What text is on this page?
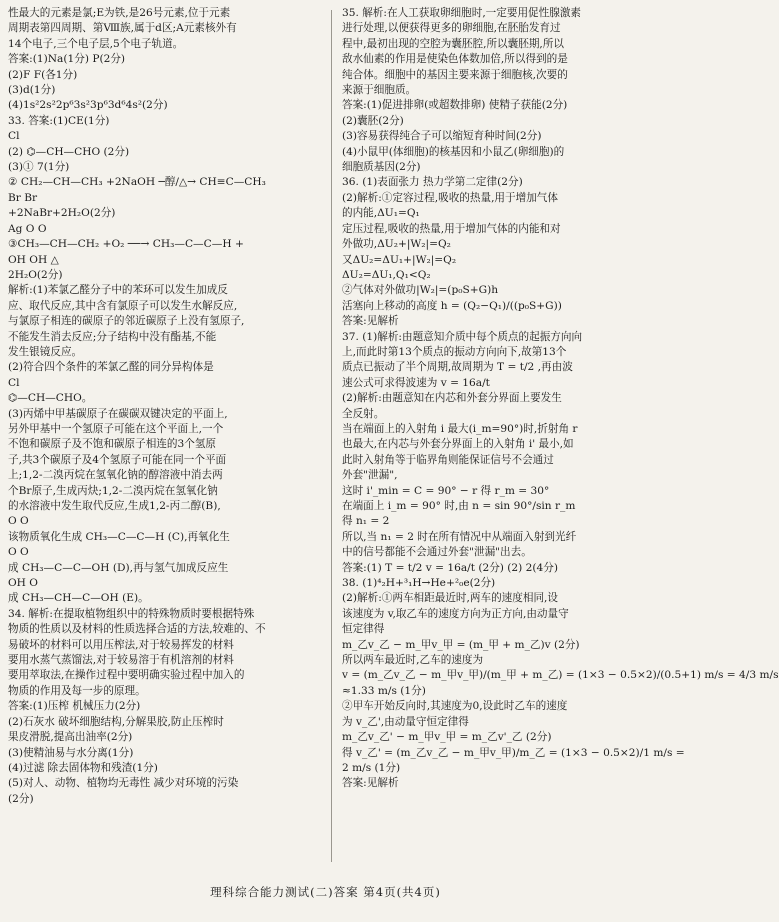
性最大的元素是氯;E为铁,是26号元素,位于元素
周期表第四周期、第Ⅷ族,属于d区;A元素核外有
14个电子,三个电子层,5个电子轨道。
答案:(1)Na(1分) P(2分)
(2)F F(各1分)
(3)d(1分)
(4)1s²2s²2p⁶3s²3p⁶3d⁶4s²(2分)
33. 答案:(1)CE(1分)
Cl
(2) ⌬—CH—CHO (2分)
(3)① 7(1分)
② CH₂—CH—CH₃ +2NaOH ─醇/△→ CH≡C—CH₃
Br Br
+2NaBr+2H₂O(2分)
Ag O O
③CH₃—CH—CH₂ +O₂ ──→ CH₃—C—C—H +
OH OH △
2H₂O(2分)
解析:(1)苯氯乙醛分子中的苯环可以发生加成反
应、取代反应,其中含有氯原子可以发生水解反应,
与氯原子相连的碳原子的邻近碳原子上没有氢原子,
不能发生消去反应;分子结构中没有酯基,不能
发生银镜反应。
(2)符合四个条件的苯氯乙醛的同分异构体是
Cl
⌬—CH—CHO。
(3)丙烯中甲基碳原子在碳碳双键决定的平面上,
另外甲基中一个氢原子可能在这个平面上,一个
不饱和碳原子及不饱和碳原子相连的3个氢原
子,共3个碳原子及4个氢原子可能在同一个平面
上;1,2-二溴丙烷在氢氧化钠的醇溶液中消去两
个Br原子,生成丙炔;1,2-二溴丙烷在氢氧化钠
的水溶液中发生取代反应,生成1,2-丙二醇(B),
O O
该物质氧化生成 CH₃—C—C—H (C),再氧化生
O O
成 CH₃—C—C—OH (D),再与氢气加成反应生
OH O
成 CH₃—CH—C—OH (E)。
34. 解析:在提取植物组织中的特殊物质时要根据特殊
物质的性质以及材料的性质选择合适的方法,较难的、不
易破坏的材料可以用压榨法,对于较易挥发的材料
要用水蒸气蒸馏法,对于较易溶于有机溶剂的材料
要用萃取法,在操作过程中要明确实验过程中加入的
物质的作用及每一步的原理。
答案:(1)压榨 机械压力(2分)
(2)石灰水 破坏细胞结构,分解果胶,防止压榨时
果皮滑脱,提高出油率(2分)
(3)使精油易与水分离(1分)
(4)过滤 除去固体物和残渣(1分)
(5)对人、动物、植物均无毒性 减少对环境的污染
(2分)
35. 解析:在人工获取卵细胞时,一定要用促性腺激素
进行处理,以便获得更多的卵细胞,在胚胎发育过
程中,最初出现的空腔为囊胚腔,所以囊胚期,所以
敌水仙素的作用是使染色体数加倍,所以得到的是
纯合体。细胞中的基因主要来源于细胞核,次要的
来源于细胞质。
答案:(1)促进排卵(或超数排卵) 使精子获能(2分)
(2)囊胚(2分)
(3)容易获得纯合子可以缩短育种时间(2分)
(4)小鼠甲(体细胞)的核基因和小鼠乙(卵细胞)的
细胞质基因(2分)
36. (1)表面张力 热力学第二定律(2分)
(2)解析:①定容过程,吸收的热量,用于增加气体
的内能,ΔU₁=Q₁
定压过程,吸收的热量,用于增加气体的内能和对
外做功,ΔU₂+|W₂|=Q₂
又ΔU₂=ΔU₁+|W₂|=Q₂
ΔU₂=ΔU₁,Q₁<Q₂
②气体对外做功|W₂|=(p₀S+G)h
活塞向上移动的高度 h = (Q₂−Q₁)/((p₀S+G))
答案:见解析
37. (1)解析:由题意知介质中每个质点的起振方向向
上,而此时第13个质点的振动方向向下,故第13个
质点已振动了半个周期,故周期为 T = t/2 ,再由波
速公式可求得波速为 v = 16a/t
(2)解析:由题意知在内芯和外套分界面上要发生
全反射。
当在端面上的入射角 i 最大(i_m=90°)时,折射角 r
也最大,在内芯与外套分界面上的入射角 i' 最小,如
此时入射角等于临界角则能保证信号不会通过
外套"泄漏",
这时 i'_min = C = 90° − r 得 r_m = 30°
在端面上 i_m = 90° 时,由 n = sin 90°/sin r_m
得 n₁ = 2
所以,当 n₁ = 2 时在所有情况中从端面入射到光纤
中的信号都能不会通过外套"泄漏"出去。
答案:(1) T = t/2 v = 16a/t (2分) (2) 2(4分)
38. (1)⁴₂H+³₁H→He+²₀e(2分)
(2)解析:①两车相距最近时,两车的速度相同,设
该速度为 v,取乙车的速度方向为正方向,由动量守
恒定律得
m_乙v_乙 − m_甲v_甲 = (m_甲 + m_乙)v (2分)
所以两车最近时,乙车的速度为
v = (m_乙v_乙 − m_甲v_甲)/(m_甲 + m_乙) = (1×3 − 0.5×2)/(0.5+1) m/s = 4/3 m/s
≈1.33 m/s (1分)
②甲车开始反向时,其速度为0,设此时乙车的速度
为 v_乙',由动量守恒定律得
m_乙v_乙' − m_甲v_甲 = m_乙v'_乙 (2分)
得 v_乙' = (m_乙v_乙 − m_甲v_甲)/m_乙 = (1×3 − 0.5×2)/1 m/s =
2 m/s (1分)
答案:见解析
理科综合能力测试(二)答案 第4页(共4页)
